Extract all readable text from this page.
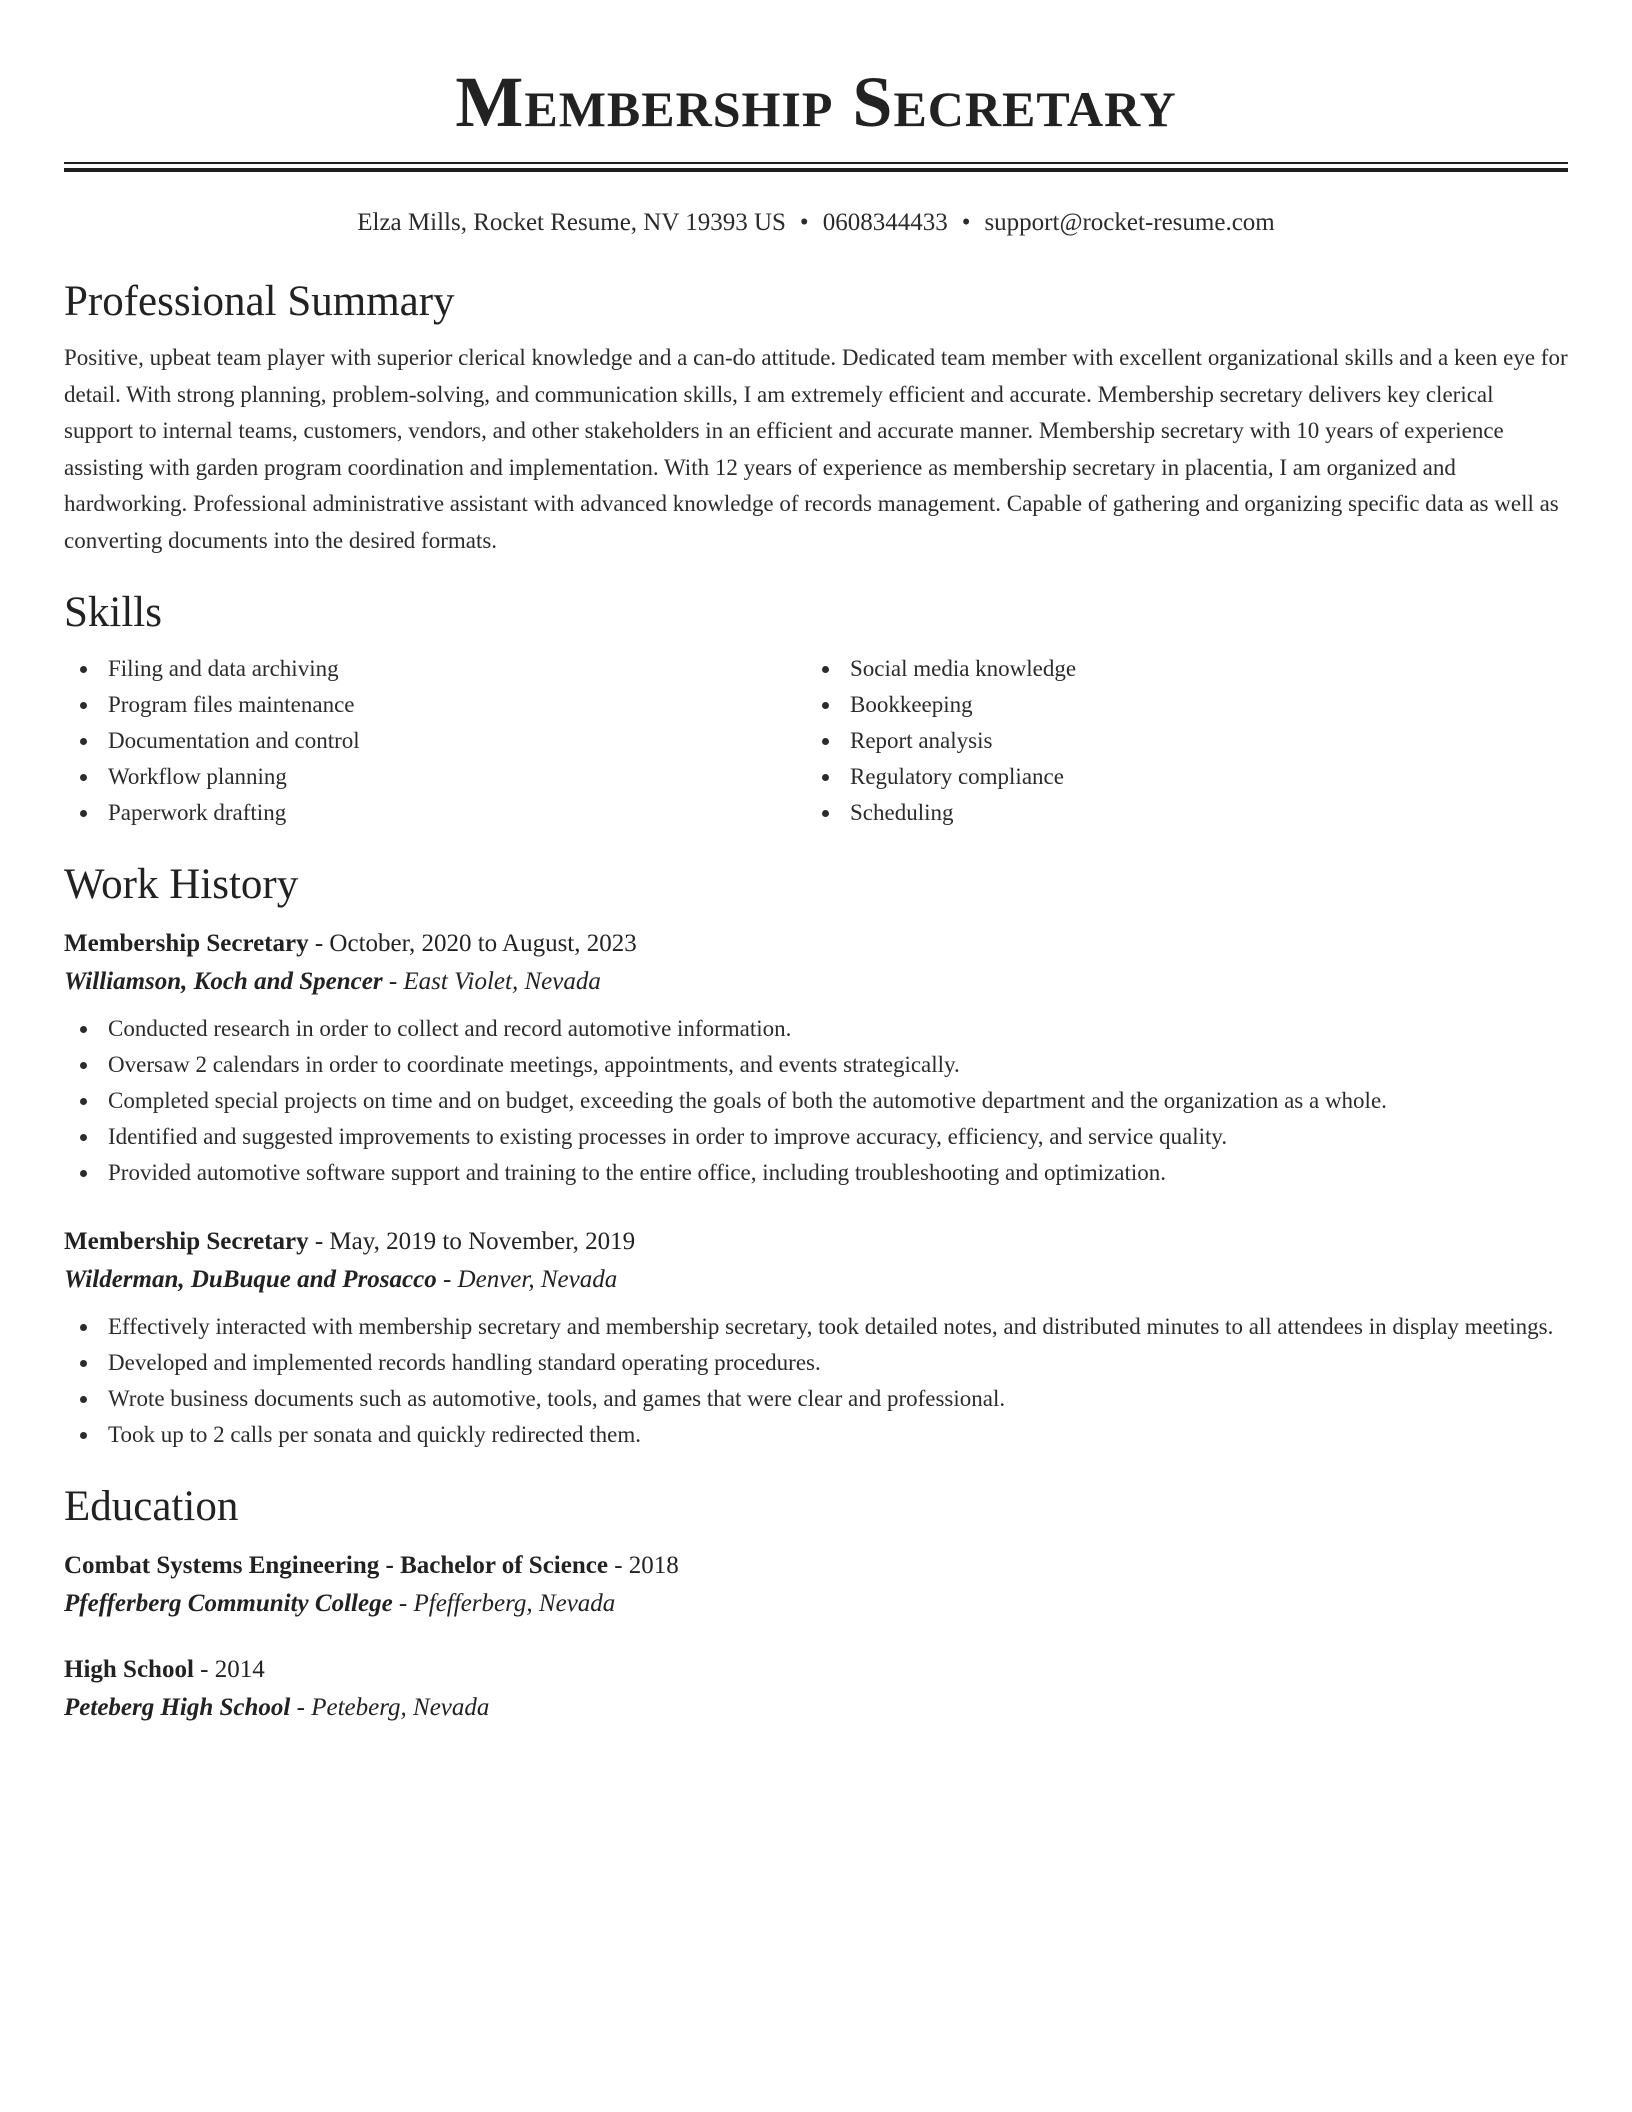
Membership Secretary
Elza Mills, Rocket Resume, NV 19393 US • 0608344433 • support@rocket-resume.com
Professional Summary

Positive, upbeat team player with superior clerical knowledge and a can-do attitude. Dedicated team member with excellent organizational skills and a keen eye for detail. With strong planning, problem-solving, and communication skills, I am extremely efficient and accurate. Membership secretary delivers key clerical support to internal teams, customers, vendors, and other stakeholders in an efficient and accurate manner. Membership secretary with 10 years of experience assisting with garden program coordination and implementation. With 12 years of experience as membership secretary in placentia, I am organized and hardworking. Professional administrative assistant with advanced knowledge of records management. Capable of gathering and organizing specific data as well as converting documents into the desired formats.

Skills
Filing and data archiving
Program files maintenance
Documentation and control
Workflow planning
Paperwork drafting
Social media knowledge
Bookkeeping
Report analysis
Regulatory compliance
Scheduling
Work History
Membership Secretary - October, 2020 to August, 2023
Williamson, Koch and Spencer - East Violet, Nevada
Conducted research in order to collect and record automotive information.
Oversaw 2 calendars in order to coordinate meetings, appointments, and events strategically.
Completed special projects on time and on budget, exceeding the goals of both the automotive department and the organization as a whole.
Identified and suggested improvements to existing processes in order to improve accuracy, efficiency, and service quality.
Provided automotive software support and training to the entire office, including troubleshooting and optimization.
Membership Secretary - May, 2019 to November, 2019
Wilderman, DuBuque and Prosacco - Denver, Nevada
Effectively interacted with membership secretary and membership secretary, took detailed notes, and distributed minutes to all attendees in display meetings.
Developed and implemented records handling standard operating procedures.
Wrote business documents such as automotive, tools, and games that were clear and professional.
Took up to 2 calls per sonata and quickly redirected them.
Education
Combat Systems Engineering - Bachelor of Science - 2018
Pfefferberg Community College - Pfefferberg, Nevada
High School - 2014
Peteberg High School - Peteberg, Nevada
